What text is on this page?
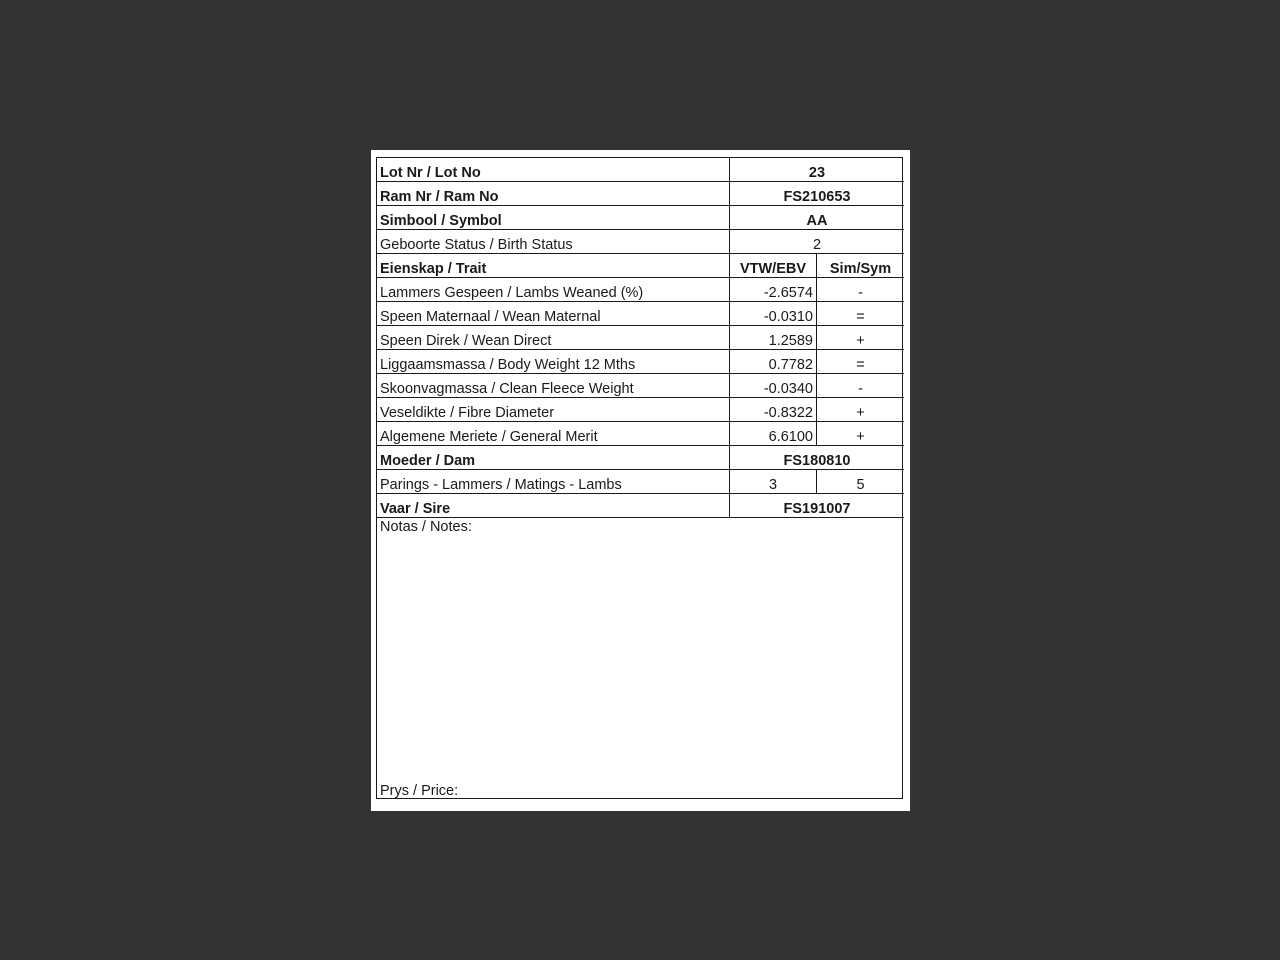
Lot Nr / Lot No	23
Ram Nr / Ram No	FS210653
Simbool / Symbol	AA
Geboorte Status / Birth Status	2
Eienskap / Trait	VTW/EBV	Sim/Sym
Lammers Gespeen / Lambs Weaned (%)	-2.6574	-
Speen Maternaal / Wean Maternal	-0.0310	=
Speen Direk / Wean Direct	1.2589	+
Liggaamsmassa / Body Weight 12 Mths	0.7782	=
Skoonvagmassa / Clean Fleece Weight	-0.0340	-
Veseldikte / Fibre Diameter	-0.8322	+
Algemene Meriete / General Merit	6.6100	+
Moeder / Dam	FS180810
Parings - Lammers / Matings - Lambs	3	5
Vaar / Sire	FS191007
Notas / Notes:
Prys / Price:
